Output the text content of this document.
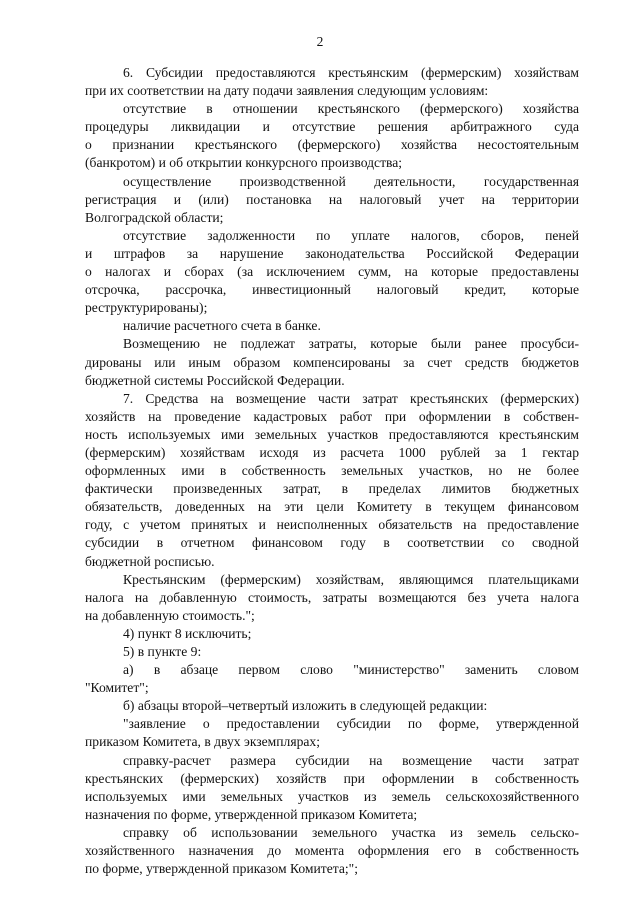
2
6. Субсидии предоставляются крестьянским (фермерским) хозяйствам
при их соответствии на дату подачи заявления следующим условиям:
отсутствие в отношении крестьянского (фермерского) хозяйства
процедуры ликвидации и отсутствие решения арбитражного суда
о признании крестьянского (фермерского) хозяйства несостоятельным
(банкротом) и об открытии конкурсного производства;
осуществление производственной деятельности, государственная
регистрация и (или) постановка на налоговый учет на территории
Волгоградской области;
отсутствие задолженности по уплате налогов, сборов, пеней
и штрафов за нарушение законодательства Российской Федерации
о налогах и сборах (за исключением сумм, на которые предоставлены
отсрочка, рассрочка, инвестиционный налоговый кредит, которые
реструктурированы);
наличие расчетного счета в банке.
Возмещению не подлежат затраты, которые были ранее просубси-
дированы или иным образом компенсированы за счет средств бюджетов
бюджетной системы Российской Федерации.
7. Средства на возмещение части затрат крестьянских (фермерских)
хозяйств на проведение кадастровых работ при оформлении в собствен-
ность используемых ими земельных участков предоставляются крестьянским
(фермерским) хозяйствам исходя из расчета 1000 рублей за 1 гектар
оформленных ими в собственность земельных участков, но не более
фактически произведенных затрат, в пределах лимитов бюджетных
обязательств, доведенных на эти цели Комитету в текущем финансовом
году, с учетом принятых и неисполненных обязательств на предоставление
субсидии в отчетном финансовом году в соответствии со сводной
бюджетной росписью.
Крестьянским (фермерским) хозяйствам, являющимся плательщиками
налога на добавленную стоимость, затраты возмещаются без учета налога
на добавленную стоимость.";
4) пункт 8 исключить;
5) в пункте 9:
а) в абзаце первом слово "министерство" заменить словом
"Комитет";
б) абзацы второй–четвертый изложить в следующей редакции:
"заявление о предоставлении субсидии по форме, утвержденной
приказом Комитета, в двух экземплярах;
справку-расчет размера субсидии на возмещение части затрат
крестьянских (фермерских) хозяйств при оформлении в собственность
используемых ими земельных участков из земель сельскохозяйственного
назначения по форме, утвержденной приказом Комитета;
справку об использовании земельного участка из земель сельско-
хозяйственного назначения до момента оформления его в собственность
по форме, утвержденной приказом Комитета;";
